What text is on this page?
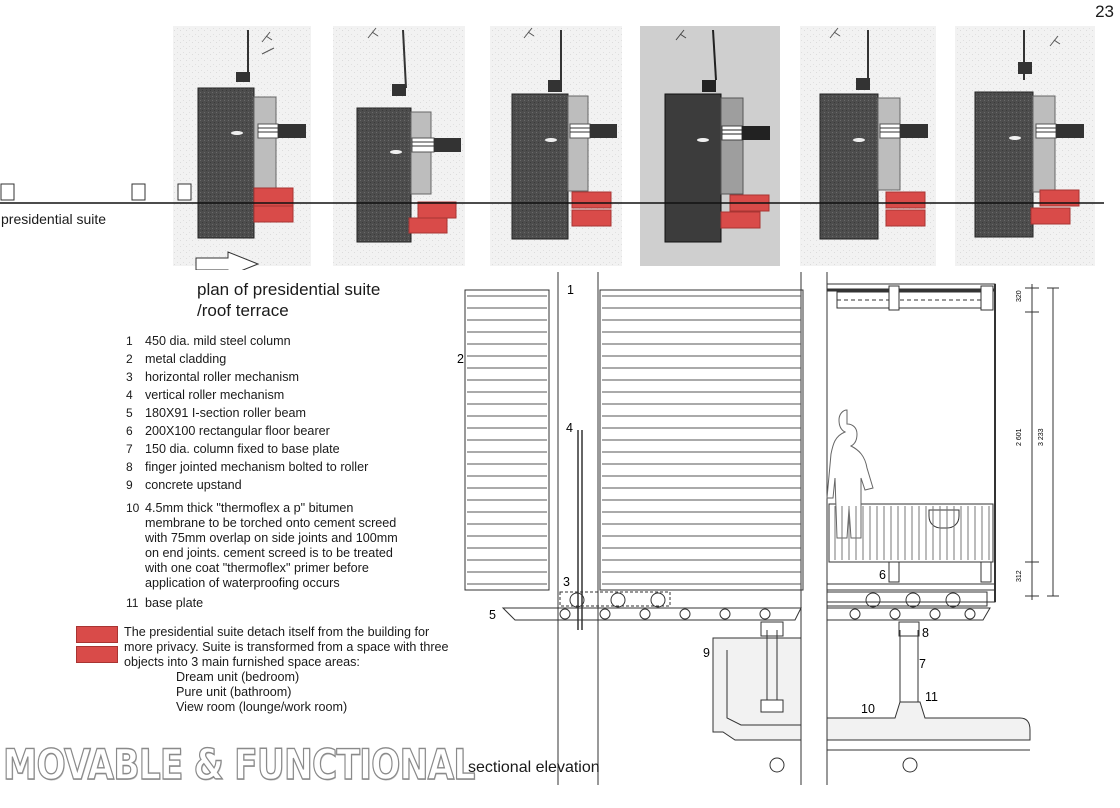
23
presidential suite
plan of presidential suite
/roof terrace
1 450 dia. mild steel column
2 metal cladding
3 horizontal roller mechanism
4 vertical roller mechanism
5 180X91 I-section roller beam
6 200X100 rectangular floor bearer
7 150 dia. column fixed to base plate
8 finger jointed mechanism bolted to roller
9 concrete upstand
10 4.5mm thick "thermoflex a p" bitumen membrane to be torched onto cement screed with 75mm overlap on side joints and 100mm on end joints. cement screed is to be treated with one coat "thermoflex" primer before application of waterproofing occurs
11 base plate
The presidential suite detach itself from the building for more privacy. Suite is transformed from a space with three objects into 3 main furnished space areas:
Dream unit (bedroom)
Pure unit (bathroom)
View room (lounge/work room)
MOVABLE & FUNCTIONAL
320
2 601 3 233
312
1
2
3
4
5
6
7
8
9
10
11
sectional elevation
